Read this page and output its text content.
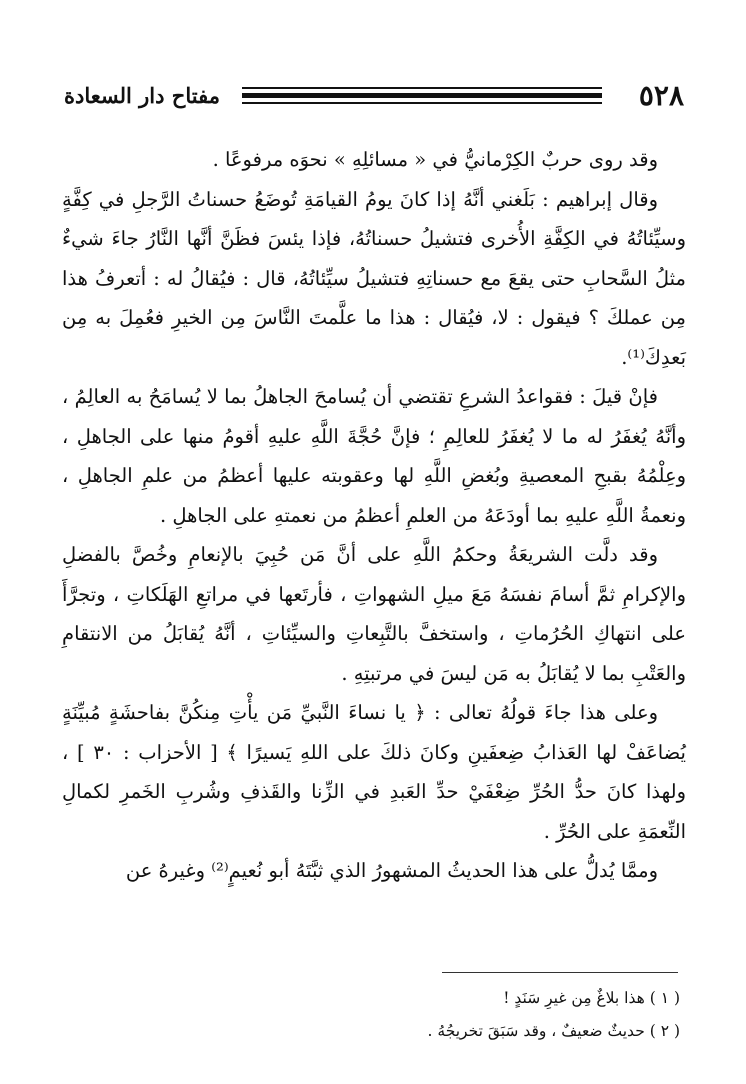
٥٢٨
مفتاح دار السعادة

وقد روى حربٌ الكِرْمانيُّ في « مسائلِهِ » نحوَه مرفوعًا .

وقال إبراهيم : بَلَغني أنَّهُ إذا كانَ يومُ القيامَةِ تُوضَعُ حسناتُ الرَّجلِ في كِفَّةٍ وسيِّئاتُهُ في الكِفَّةِ الأُخرى فتشيلُ حسناتُهُ، فإذا يئسَ فظَنَّ أنَّها النَّارُ جاءَ شيءٌ مثلُ السَّحابِ حتى يقعَ مع حسناتِهِ فتشيلُ سيِّئاتُهُ، قال : فيُقالُ له : أتعرفُ هذا مِن عملكَ ؟ فيقول : لا، فيُقال : هذا ما علَّمتَ النَّاسَ مِن الخيرِ فعُمِلَ به مِن بَعدِكَ⁽¹⁾.

فإنْ قيلَ : فقواعدُ الشرعِ تقتضي أن يُسامحَ الجاهلُ بما لا يُسامَحُ به العالِمُ ، وأنَّهُ يُغفَرُ له ما لا يُغفَرُ للعالِمِ ؛ فإنَّ حُجَّةَ اللَّهِ عليهِ أقومُ منها على الجاهلِ ، وعِلْمُهُ بقبحِ المعصيةِ وبُغضِ اللَّهِ لها وعقوبته عليها أعظمُ من علمِ الجاهلِ ، ونعمةُ اللَّهِ عليهِ بما أودَعَهُ من العلمِ أعظمُ من نعمتهِ على الجاهلِ .

وقد دلَّت الشريعَةُ وحكمُ اللَّهِ على أنَّ مَن حُبِيَ بالإنعامِ وخُصَّ بالفضلِ والإكرامِ ثمَّ أسامَ نفسَهُ مَعَ ميلِ الشهواتِ ، فأرتَعها في مراتعِ الهَلَكاتِ ، وتجرَّأَ على انتهاكِ الحُرُماتِ ، واستخفَّ بالتَّبِعاتِ والسيِّئاتِ ، أنَّهُ يُقابَلُ من الانتقامِ والعَتْبِ بما لا يُقابَلُ به مَن ليسَ في مرتبتِهِ .

وعلى هذا جاءَ قولُهُ تعالى : ﴿ يا نساءَ النَّبيِّ مَن يأْتِ مِنكُنَّ بفاحشَةٍ مُبيِّنَةٍ يُضاعَفْ لها العَذابُ ضِعفَينِ وكانَ ذلكَ على اللهِ يَسيرًا ﴾ [ الأحزاب : ٣٠ ] ، ولهذا كانَ حدُّ الحُرِّ ضِعْفَيْ حدِّ العَبدِ في الزِّنا والقَذفِ وشُربِ الخَمرِ لكمالِ النِّعمَةِ على الحُرِّ .

وممَّا يُدلُّ على هذا الحديثُ المشهورُ الذي ثبَّتَهُ أبو نُعيمٍ⁽²⁾ وغيرهُ عن

( ١ ) هذا بلاغٌ مِن غيرِ سَنَدٍ !
( ٢ ) حديثٌ ضعيفٌ ، وقد سَبَقَ تخريجُهُ .
